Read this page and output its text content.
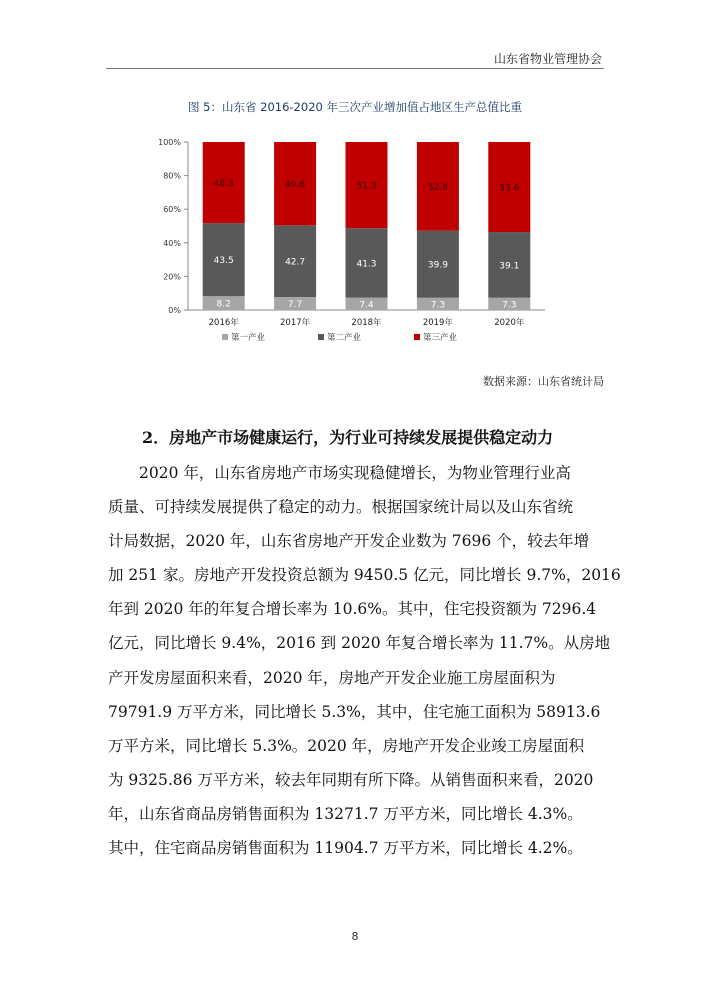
山东省物业管理协会
图 5：山东省 2016-2020 年三次产业增加值占地区生产总值比重
0%
20%
40%
60%
80%
100%
8.2
43.5
48.3
2016年
7.7
42.7
49.6
2017年
7.4
41.3
51.3
2018年
7.3
39.9
52.8
2019年
7.3
39.1
53.6
2020年
第一产业	第二产业	第三产业
数据来源：山东省统计局
2．房地产市场健康运行，为行业可持续发展提供稳定动力

　　2020 年，山东省房地产市场实现稳健增长，为物业管理行业高
质量、可持续发展提供了稳定的动力。根据国家统计局以及山东省统
计局数据，2020 年，山东省房地产开发企业数为 7696 个，较去年增
加 251 家。房地产开发投资总额为 9450.5 亿元，同比增长 9.7%，2016
年到 2020 年的年复合增长率为 10.6%。其中，住宅投资额为 7296.4
亿元，同比增长 9.4%，2016 到 2020 年复合增长率为 11.7%。从房地
产开发房屋面积来看，2020 年，房地产开发企业施工房屋面积为
79791.9 万平方米，同比增长 5.3%，其中，住宅施工面积为 58913.6
万平方米，同比增长 5.3%。2020 年，房地产开发企业竣工房屋面积
为 9325.86 万平方米，较去年同期有所下降。从销售面积来看，2020
年，山东省商品房销售面积为 13271.7 万平方米，同比增长 4.3%。
其中，住宅商品房销售面积为 11904.7 万平方米，同比增长 4.2%。

8
